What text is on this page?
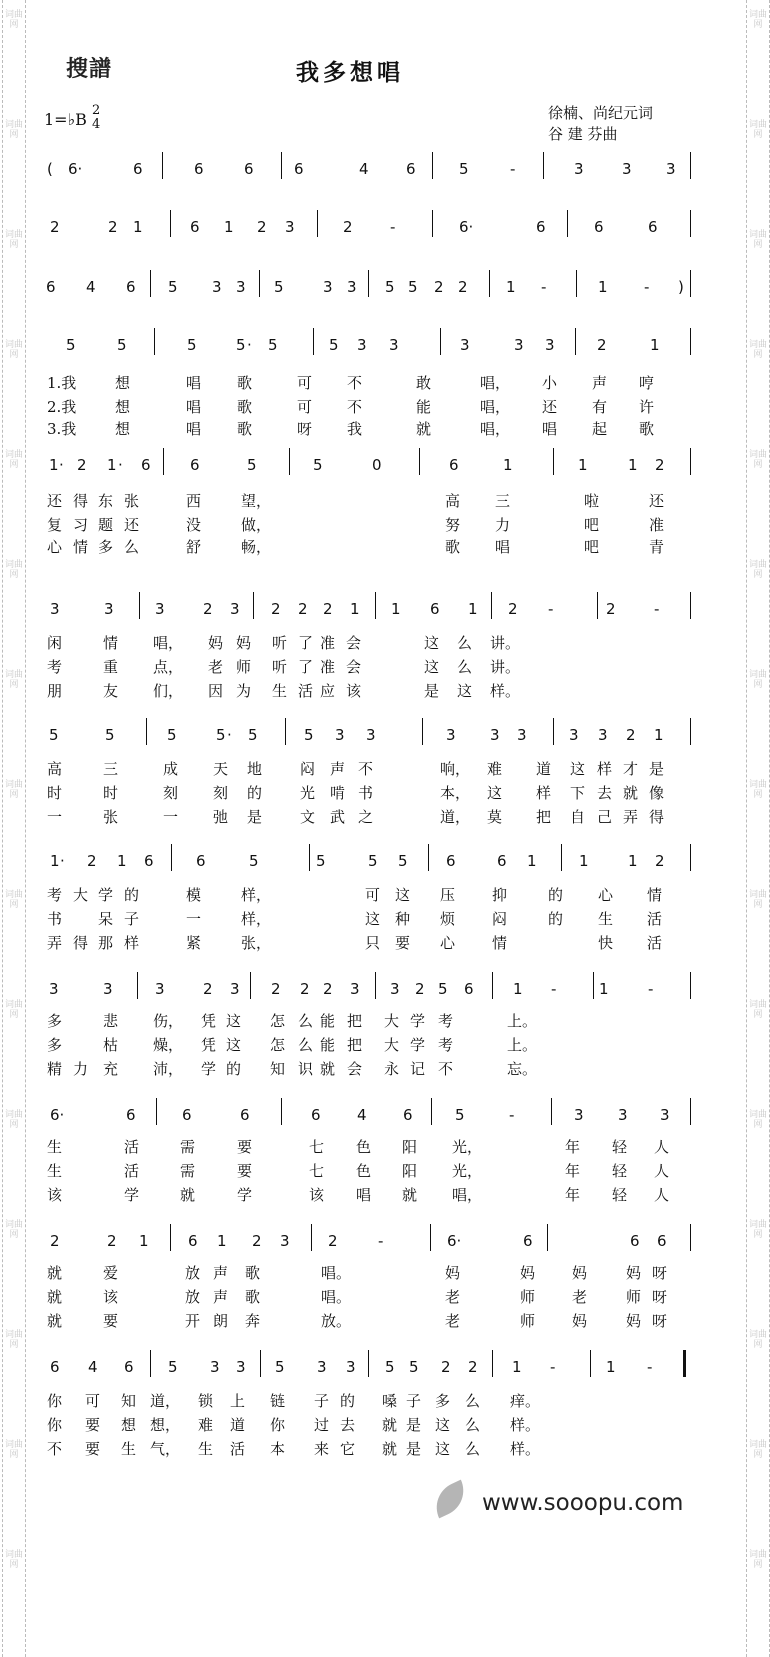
词曲网
词曲网
词曲网
词曲网
词曲网
词曲网
词曲网
词曲网
词曲网
词曲网
词曲网
词曲网
词曲网
词曲网
词曲网
词曲网
词曲网
词曲网
词曲网
词曲网
词曲网
词曲网
词曲网
词曲网
词曲网
词曲网
词曲网
词曲网
词曲网
词曲网
搜譜	我多想唱
1=♭B 2
4
徐楠、尚纪元词
谷 建 芬曲
( 6·	6	6	6	6	4 6	5	-	3	3 3
2	2 1	6 1 2 3	2 -	6·	6	6	6
6 4 6 5 3 3 5	3 3 5 5 2 2	1 -	1 - )
5	5	5	5 · 5	5 3 3	3	3 3	2	1
1 · 2 1 · 6	6	5	5	0	6	1	1	1 2
3	3	3	2 3 2 2 2 1 1 6 1 2 -	2	-
5	5	5	5 · 5	5 3 3	3 3 3	3 3 2 1
1 · 2 1 6	6	5	5	5 5	6	6 1	1	1 2
3	3	3	2 3 2 2 2 3 3 2 5 6	1 -	1	-
6·	6	6	6	6 4 6	5	-	3 3 3
2	2 1	6 1 2 3	2	-	6·	6	6 6
6 4 6 5 3 3 5 3 3 5 5 2 2 1 -	1 -
1.我	想	唱 歌	可 不	敢	唱， 小 声 哼
2.我	想	唱 歌	可 不	能	唱， 还 有 许
3.我	想	唱 歌	呀 我	就	唱， 唱 起 歌
还 得 东 张	西	望，	高 三	啦	还
复 习 题 还	没	做，	努 力	吧	准
心 情 多 么	舒	畅，	歌 唱	吧	青
闲	情 唱， 妈 妈 听 了 准 会	这 么 讲。
考	重 点， 老 师 听 了 准 会	这 么 讲。
朋	友 们， 因 为 生 活 应 该	是 这 样。
高	三	成 天 地	闷 声 不	响， 难 道 这 样 才 是
时	时	刻 刻 的	光 啃 书	本， 这 样 下 去 就 像
一	张	一 弛 是	文 武 之	道， 莫 把 自 己 弄 得
考 大 学 的	模	样，	可 这 压 抑	的 心 情
书 呆 子	一	样，	这 种 烦 闷	的 生 活
弄 得 那 样	紧	张，	只 要 心 情	快 活
多	悲 伤， 凭 这 怎 么 能 把 大 学 考	上。
多	枯 燥， 凭 这 怎 么 能 把 大 学 考	上。
精 力 充 沛， 学 的 知 识 就 会 永 记 不	忘。
生	活	需	要	七 色 阳 光，	年 轻 人
生	活	需	要	七 色 阳 光，	年 轻 人
该	学	就	学	该 唱 就 唱，	年 轻 人
就	爱	放 声 歌	唱。	妈	妈 妈	妈 呀
就	该	放 声 歌	唱。	老	师 老	师 呀
就	要	开 朗 奔	放。	老	师 妈	妈 呀
你 可 知 道， 锁 上 链 子 的 嗓 子 多 么 痒。
你 要 想 想， 难 道 你 过 去 就 是 这 么 样。
不 要 生 气， 生 活 本 来 它 就 是 这 么 样。
www.sooopu.com
